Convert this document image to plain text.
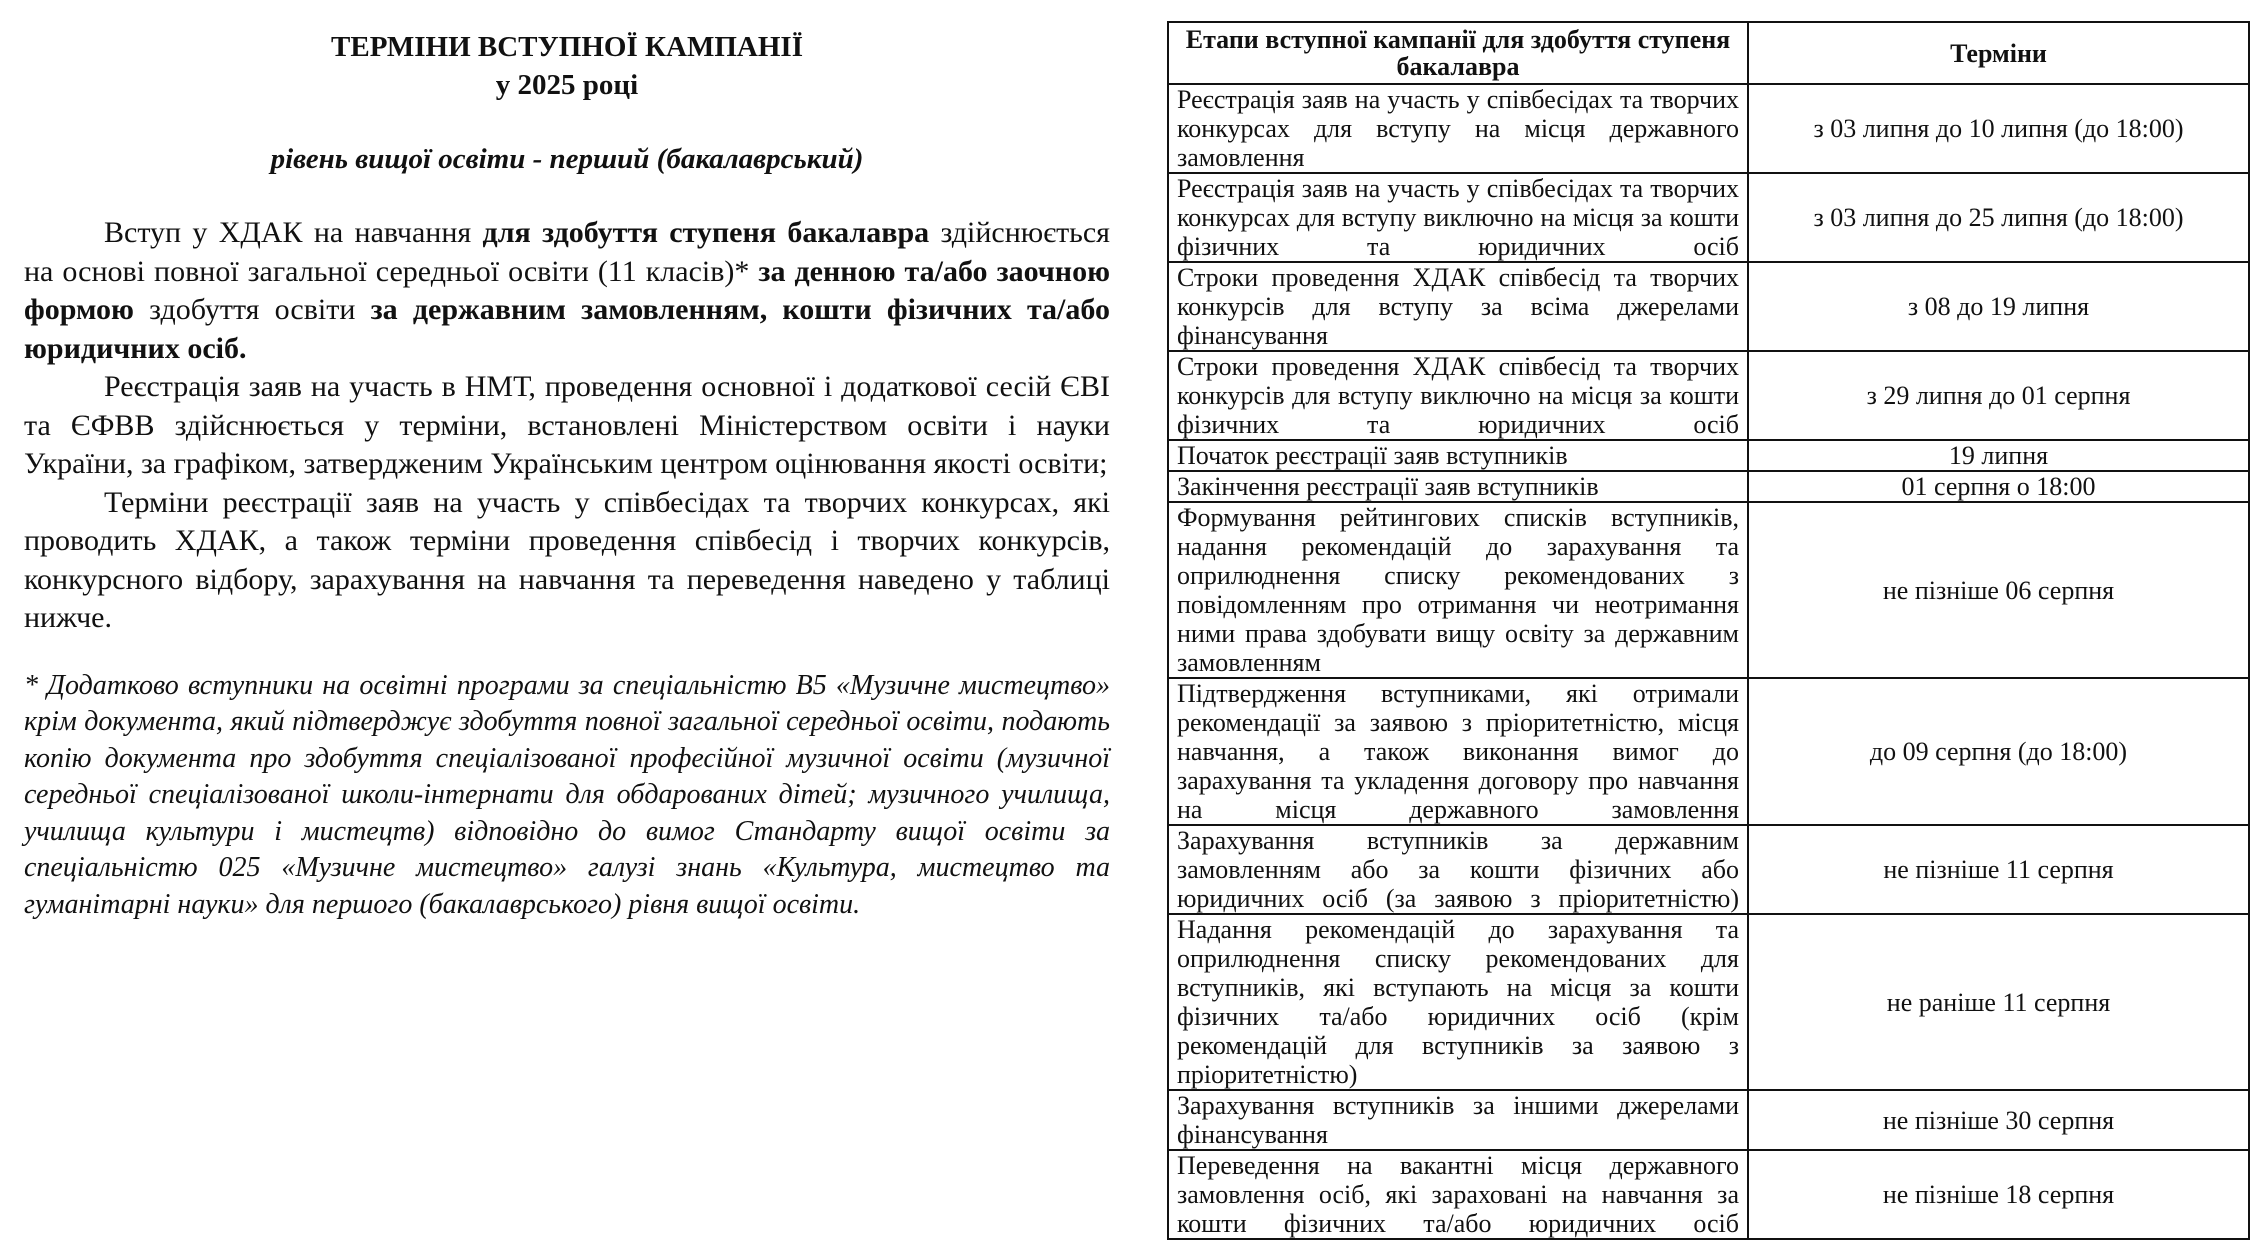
ТЕРМІНИ ВСТУПНОЇ КАМПАНІЇ
у 2025 році

рівень вищої освіти - перший (бакалаврський)

Вступ у ХДАК на навчання для здобуття ступеня бакалавра здійснюється на основі повної загальної середньої освіти (11 класів)* за денною та/або заочною формою здобуття освіти за державним замовленням, кошти фізичних та/або юридичних осіб.

Реєстрація заяв на участь в НМТ, проведення основної і додаткової сесій ЄВІ та ЄФВВ здійснюється у терміни, встановлені Міністерством освіти і науки України, за графіком, затвердженим Українським центром оцінювання якості освіти;

Терміни реєстрації заяв на участь у співбесідах та творчих конкурсах, які проводить ХДАК, а також терміни проведення співбесід і творчих конкурсів, конкурсного відбору, зарахування на навчання та переведення наведено у таблиці нижче.

* Додатково вступники на освітні програми за спеціальністю В5 «Музичне мистецтво» крім документа, який підтверджує здобуття повної загальної середньої освіти, подають копію документа про здобуття спеціалізованої професійної музичної освіти (музичної середньої спеціалізованої школи-інтернати для обдарованих дітей; музичного училища, училища культури і мистецтв) відповідно до вимог Стандарту вищої освіти за спеціальністю 025 «Музичне мистецтво» галузі знань «Культура, мистецтво та гуманітарні науки» для першого (бакалаврського) рівня вищої освіти.

Етапи вступної кампанії для здобуття ступеня бакалавра	Терміни
Реєстрація заяв на участь у співбесідах та творчих конкурсах для вступу на місця державного замовлення	з 03 липня до 10 липня (до 18:00)
Реєстрація заяв на участь у співбесідах та творчих конкурсах для вступу виключно на місця за кошти фізичних та юридичних осіб	з 03 липня до 25 липня (до 18:00)
Строки проведення ХДАК співбесід та творчих конкурсів для вступу за всіма джерелами фінансування	з 08 до 19 липня
Строки проведення ХДАК співбесід та творчих конкурсів для вступу виключно на місця за кошти фізичних та юридичних осіб	з 29 липня до 01 серпня
Початок реєстрації заяв вступників	19 липня
Закінчення реєстрації заяв вступників	01 серпня о 18:00
Формування рейтингових списків вступників, надання рекомендацій до зарахування та оприлюднення списку рекомендованих з повідомленням про отримання чи неотримання ними права здобувати вищу освіту за державним замовленням	не пізніше 06 серпня
Підтвердження вступниками, які отримали рекомендації за заявою з пріоритетністю, місця навчання, а також виконання вимог до зарахування та укладення договору про навчання на місця державного замовлення	до 09 серпня (до 18:00)
Зарахування вступників за державним замовленням або за кошти фізичних або юридичних осіб (за заявою з пріоритетністю)	не пізніше 11 серпня
Надання рекомендацій до зарахування та оприлюднення списку рекомендованих для вступників, які вступають на місця за кошти фізичних та/або юридичних осіб (крім рекомендацій для вступників за заявою з пріоритетністю)	не раніше 11 серпня
Зарахування вступників за іншими джерелами фінансування	не пізніше 30 серпня
Переведення на вакантні місця державного замовлення осіб, які зараховані на навчання за кошти фізичних та/або юридичних осіб	не пізніше 18 серпня
